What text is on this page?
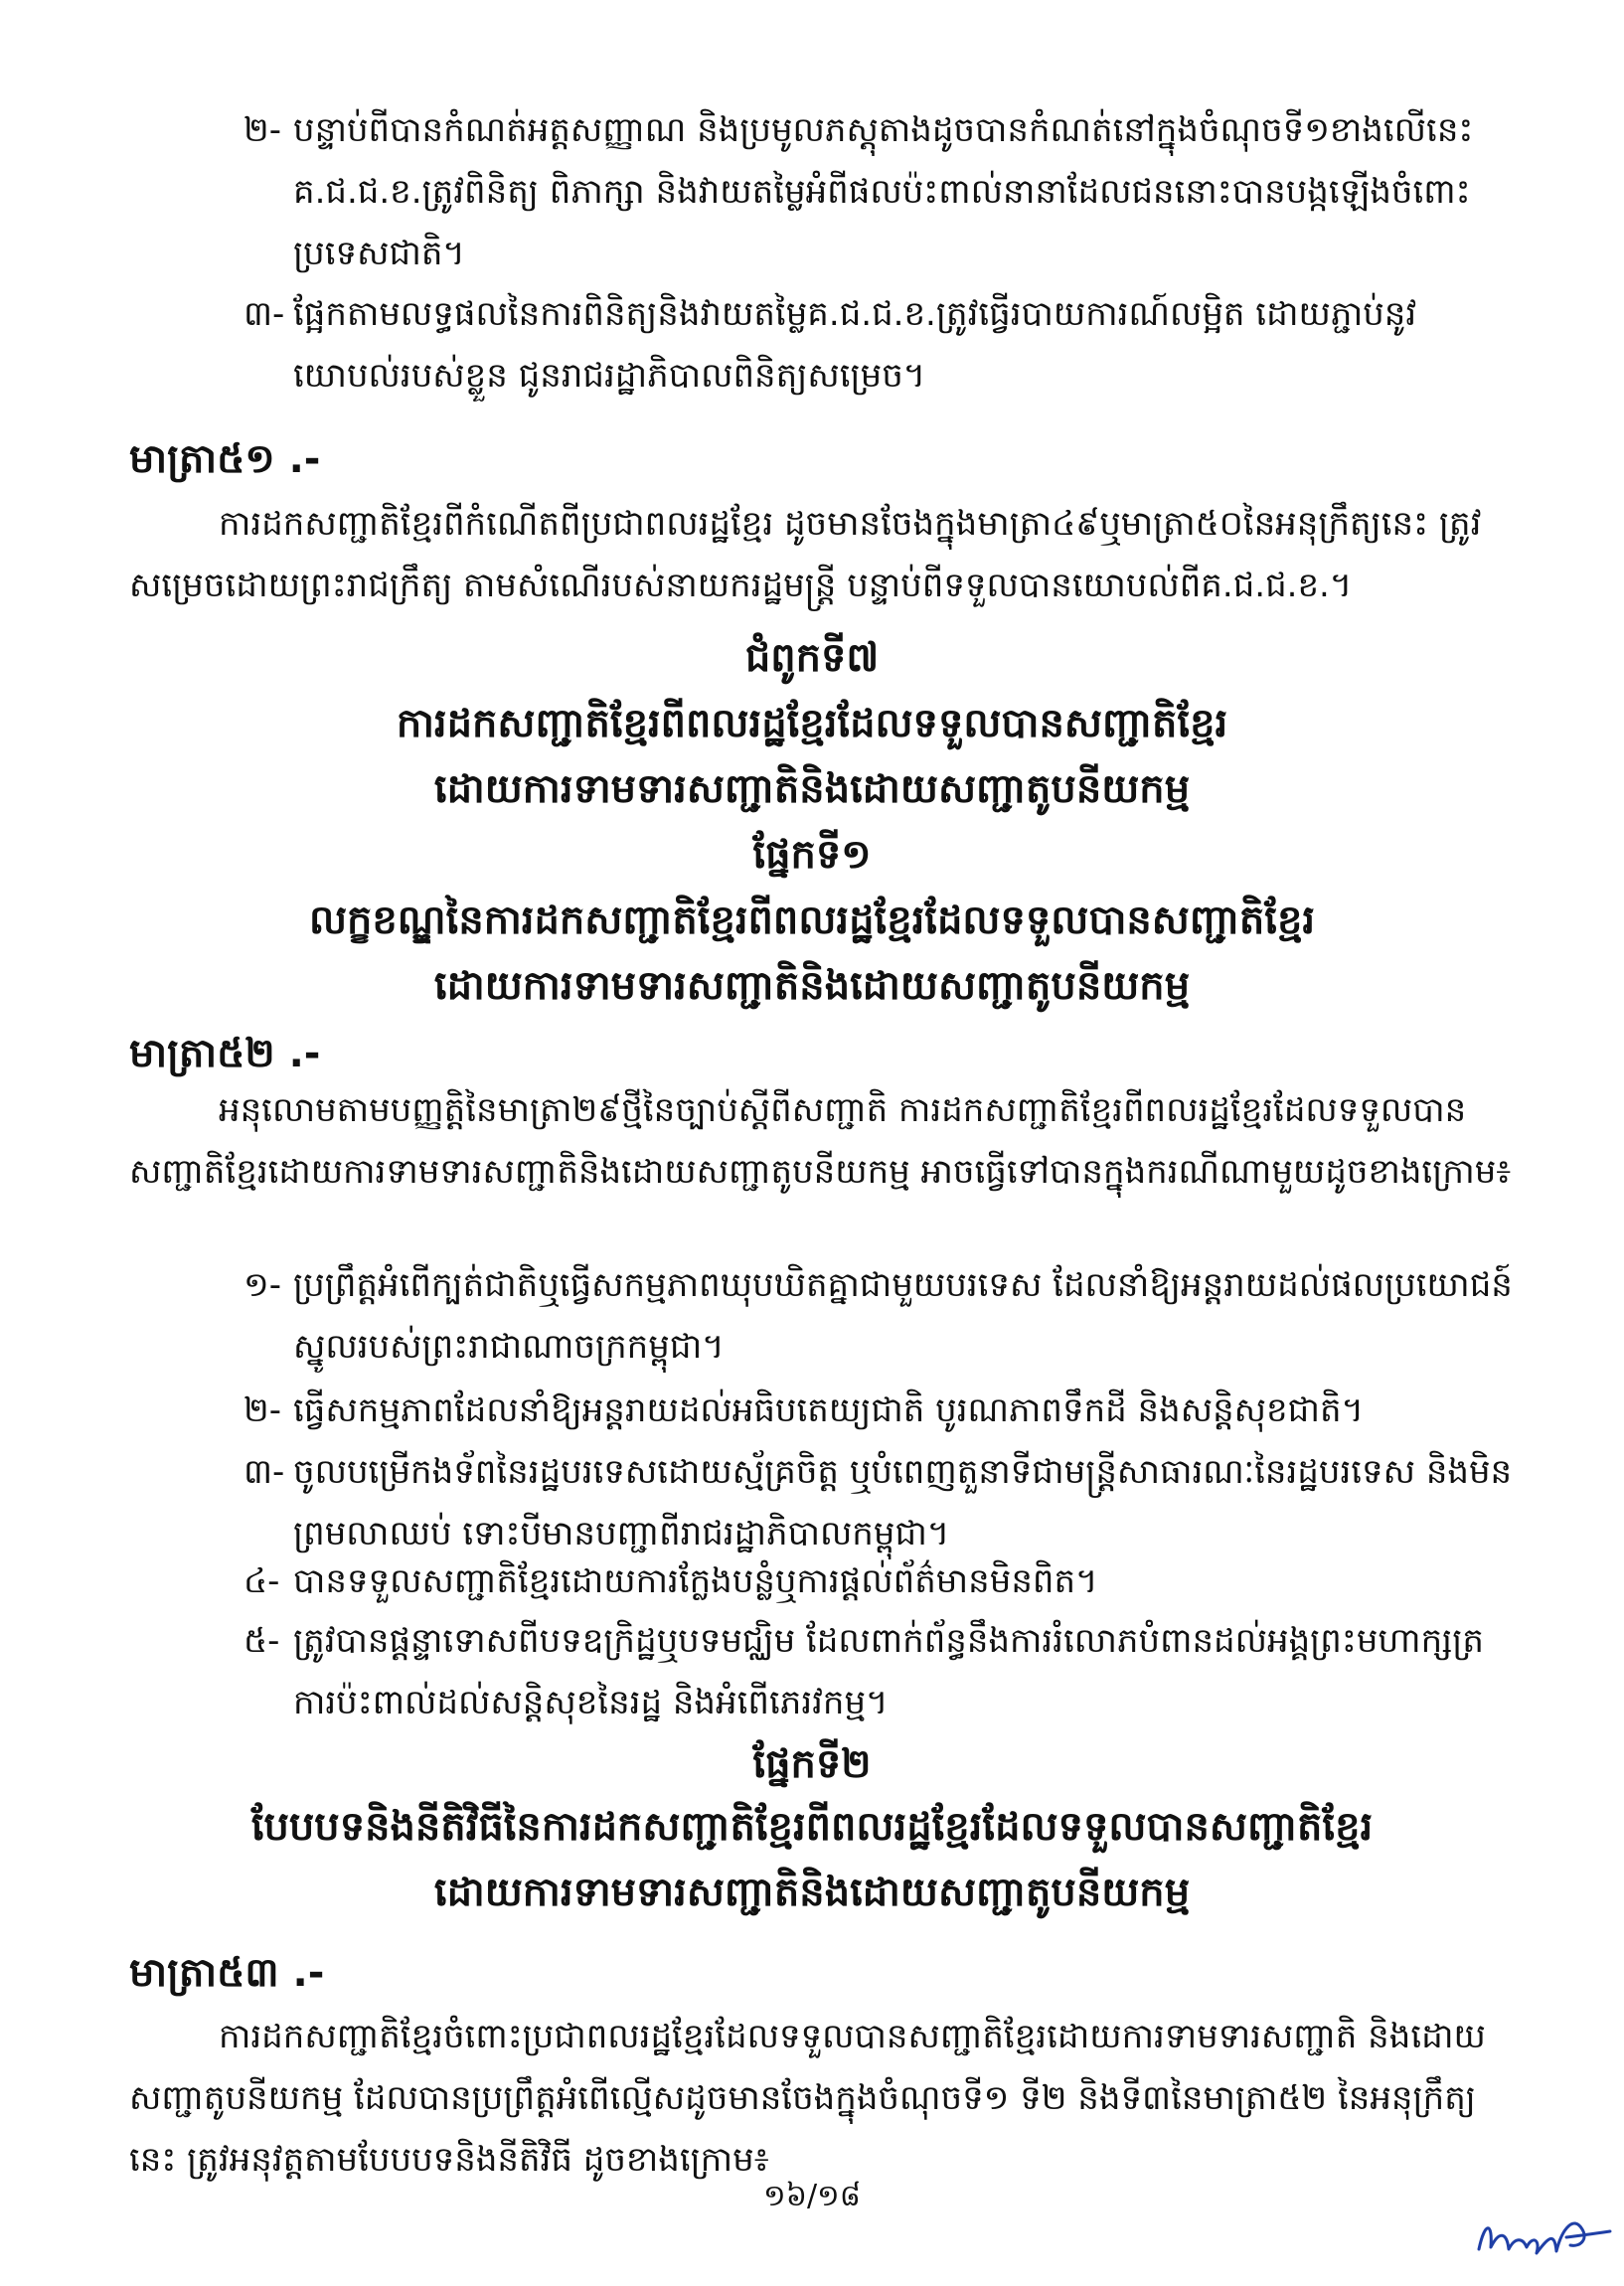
២- បន្ទាប់ពីបានកំណត់អត្តសញ្ញាណ និងប្រមូលភស្តុតាងដូចបានកំណត់នៅក្នុងចំណុចទី១ខាងលើនេះ គ.ជ.ជ.ខ.ត្រូវពិនិត្យ ពិភាក្សា និងវាយតម្លៃអំពីផលប៉ះពាល់នានាដែលជននោះបានបង្កឡើងចំពោះប្រទេសជាតិ។
៣- ផ្អែកតាមលទ្ធផលនៃការពិនិត្យនិងវាយតម្លៃគ.ជ.ជ.ខ.ត្រូវធ្វើរបាយការណ៍លម្អិត ដោយភ្ជាប់នូវយោបល់របស់ខ្លួន ជូនរាជរដ្ឋាភិបាលពិនិត្យសម្រេច។
មាត្រា៥១ .-
ការដកសញ្ជាតិខ្មែរពីកំណើតពីប្រជាពលរដ្ឋខ្មែរ ដូចមានចែងក្នុងមាត្រា៤៩ឬមាត្រា៥០នៃអនុក្រឹត្យនេះ ត្រូវសម្រេចដោយព្រះរាជក្រឹត្យ តាមសំណើរបស់នាយករដ្ឋមន្ត្រី បន្ទាប់ពីទទួលបានយោបល់ពីគ.ជ.ជ.ខ.។
ជំពូកទី៧
ការដកសញ្ជាតិខ្មែរពីពលរដ្ឋខ្មែរដែលទទួលបានសញ្ជាតិខ្មែរ
ដោយការទាមទារសញ្ជាតិនិងដោយសញ្ជាតូបនីយកម្ម
ផ្នែកទី១
លក្ខខណ្ឌនៃការដកសញ្ជាតិខ្មែរពីពលរដ្ឋខ្មែរដែលទទួលបានសញ្ជាតិខ្មែរ
ដោយការទាមទារសញ្ជាតិនិងដោយសញ្ជាតូបនីយកម្ម
មាត្រា៥២ .-
អនុលោមតាមបញ្ញត្តិនៃមាត្រា២៩ថ្មីនៃច្បាប់ស្តីពីសញ្ជាតិ ការដកសញ្ជាតិខ្មែរពីពលរដ្ឋខ្មែរដែលទទួលបានសញ្ជាតិខ្មែរដោយការទាមទារសញ្ជាតិនិងដោយសញ្ជាតូបនីយកម្ម អាចធ្វើទៅបានក្នុងករណីណាមួយដូចខាងក្រោម៖
១- ប្រព្រឹត្តអំពើក្បត់ជាតិឬធ្វើសកម្មភាពឃុបឃិតគ្នាជាមួយបរទេស ដែលនាំឱ្យអន្តរាយដល់ផលប្រយោជន៍ស្នូលរបស់ព្រះរាជាណាចក្រកម្ពុជា។
២- ធ្វើសកម្មភាពដែលនាំឱ្យអន្តរាយដល់អធិបតេយ្យជាតិ បូរណភាពទឹកដី និងសន្តិសុខជាតិ។
៣- ចូលបម្រើកងទ័ពនៃរដ្ឋបរទេសដោយស្ម័គ្រចិត្ត ឬបំពេញតួនាទីជាមន្ត្រីសាធារណៈនៃរដ្ឋបរទេស និងមិនព្រមលាឈប់ ទោះបីមានបញ្ជាពីរាជរដ្ឋាភិបាលកម្ពុជា។
៤- បានទទួលសញ្ជាតិខ្មែរដោយការក្លែងបន្លំឬការផ្តល់ព័ត៌មានមិនពិត។
៥- ត្រូវបានផ្តន្ទាទោសពីបទឧក្រិដ្ឋឬបទមជ្ឈិម ដែលពាក់ព័ន្ធនឹងការរំលោភបំពានដល់អង្គព្រះមហាក្សត្រ ការប៉ះពាល់ដល់សន្តិសុខនៃរដ្ឋ និងអំពើភេរវកម្ម។
ផ្នែកទី២
បែបបទនិងនីតិវិធីនៃការដកសញ្ជាតិខ្មែរពីពលរដ្ឋខ្មែរដែលទទួលបានសញ្ជាតិខ្មែរ
ដោយការទាមទារសញ្ជាតិនិងដោយសញ្ជាតូបនីយកម្ម
មាត្រា៥៣ .-
ការដកសញ្ជាតិខ្មែរចំពោះប្រជាពលរដ្ឋខ្មែរដែលទទួលបានសញ្ជាតិខ្មែរដោយការទាមទារសញ្ជាតិ និងដោយសញ្ជាតូបនីយកម្ម ដែលបានប្រព្រឹត្តអំពើល្មើសដូចមានចែងក្នុងចំណុចទី១ ទី២ និងទី៣នៃមាត្រា៥២ នៃអនុក្រឹត្យនេះ ត្រូវអនុវត្តតាមបែបបទនិងនីតិវិធី ដូចខាងក្រោម៖
១៦/១៨
